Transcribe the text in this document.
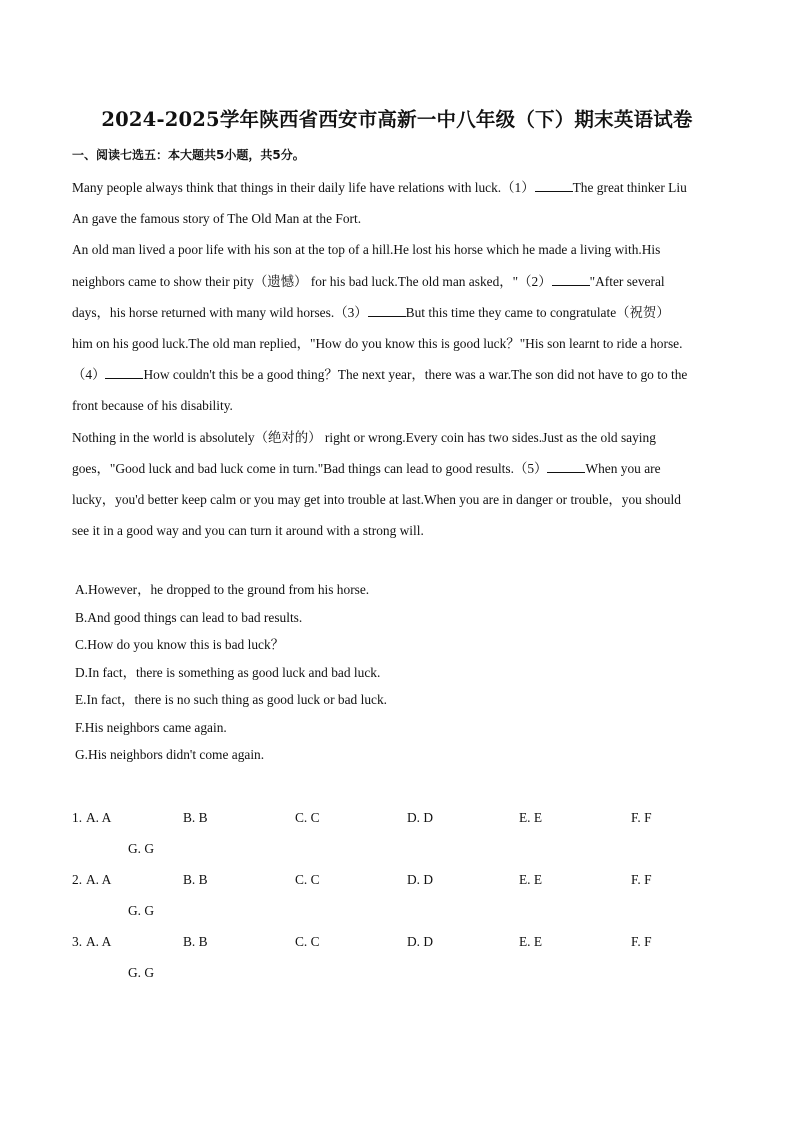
2024-2025学年陕西省西安市高新一中八年级（下）期末英语试卷
一、阅读七选五：本大题共5小题，共5分。
Many people always think that things in their daily life have relations with luck.（1）	The great thinker Liu
An gave the famous story of The Old Man at the Fort.
An old man lived a poor life with his son at the top of a hill.He lost his horse which he made a living with.His
neighbors came to show their pity（遗憾） for his bad luck.The old man asked，"（2）	"After several
days，his horse returned with many wild horses.（3）	But this time they came to congratulate（祝贺）
him on his good luck.The old man replied，"How do you know this is good luck？"His son learnt to ride a horse.
（4）	How couldn't this be a good thing？The next year，there was a war.The son did not have to go to the
front because of his disability.
Nothing in the world is absolutely（绝对的） right or wrong.Every coin has two sides.Just as the old saying
goes，"Good luck and bad luck come in turn."Bad things can lead to good results.（5）	When you are
lucky，you'd better keep calm or you may get into trouble at last.When you are in danger or trouble，you should
see it in a good way and you can turn it around with a strong will.
A.However，he dropped to the ground from his horse.
B.And good things can lead to bad results.
C.How do you know this is bad luck？
D.In fact，there is something as good luck and bad luck.
E.In fact，there is no such thing as good luck or bad luck.
F.His neighbors came again.
G.His neighbors didn't come again.
1. A. A	B. B	C. C	D. D	E. E	F. F
G. G
2. A. A	B. B	C. C	D. D	E. E	F. F
G. G
3. A. A	B. B	C. C	D. D	E. E	F. F
G. G
